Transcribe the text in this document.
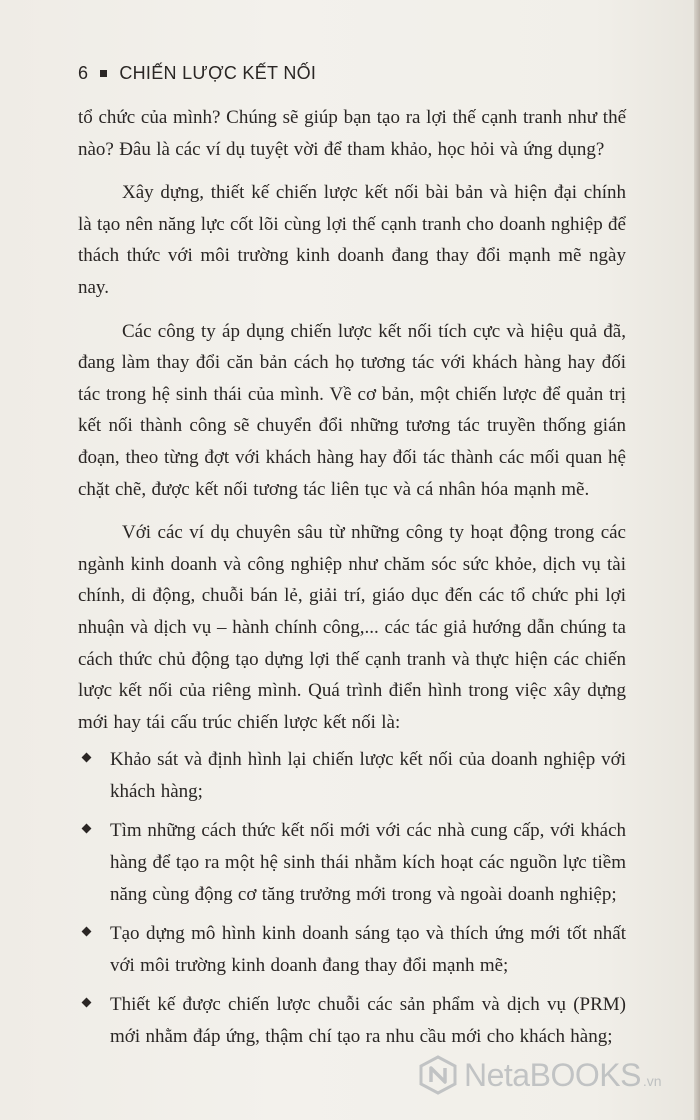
6 CHIẾN LƯỢC KẾT NỐI

tổ chức của mình? Chúng sẽ giúp bạn tạo ra lợi thế cạnh tranh như thế nào? Đâu là các ví dụ tuyệt vời để tham khảo, học hỏi và ứng dụng?

Xây dựng, thiết kế chiến lược kết nối bài bản và hiện đại chính là tạo nên năng lực cốt lõi cùng lợi thế cạnh tranh cho doanh nghiệp để thách thức với môi trường kinh doanh đang thay đổi mạnh mẽ ngày nay.

Các công ty áp dụng chiến lược kết nối tích cực và hiệu quả đã, đang làm thay đổi căn bản cách họ tương tác với khách hàng hay đối tác trong hệ sinh thái của mình. Về cơ bản, một chiến lược để quản trị kết nối thành công sẽ chuyển đổi những tương tác truyền thống gián đoạn, theo từng đợt với khách hàng hay đối tác thành các mối quan hệ chặt chẽ, được kết nối tương tác liên tục và cá nhân hóa mạnh mẽ.

Với các ví dụ chuyên sâu từ những công ty hoạt động trong các ngành kinh doanh và công nghiệp như chăm sóc sức khỏe, dịch vụ tài chính, di động, chuỗi bán lẻ, giải trí, giáo dục đến các tổ chức phi lợi nhuận và dịch vụ – hành chính công,... các tác giả hướng dẫn chúng ta cách thức chủ động tạo dựng lợi thế cạnh tranh và thực hiện các chiến lược kết nối của riêng mình. Quá trình điển hình trong việc xây dựng mới hay tái cấu trúc chiến lược kết nối là:

Khảo sát và định hình lại chiến lược kết nối của doanh nghiệp với khách hàng;
Tìm những cách thức kết nối mới với các nhà cung cấp, với khách hàng để tạo ra một hệ sinh thái nhằm kích hoạt các nguồn lực tiềm năng cùng động cơ tăng trưởng mới trong và ngoài doanh nghiệp;
Tạo dựng mô hình kinh doanh sáng tạo và thích ứng mới tốt nhất với môi trường kinh doanh đang thay đổi mạnh mẽ;
Thiết kế được chiến lược chuỗi các sản phẩm và dịch vụ (PRM) mới nhằm đáp ứng, thậm chí tạo ra nhu cầu mới cho khách hàng;
NetaBOOKS .vn
